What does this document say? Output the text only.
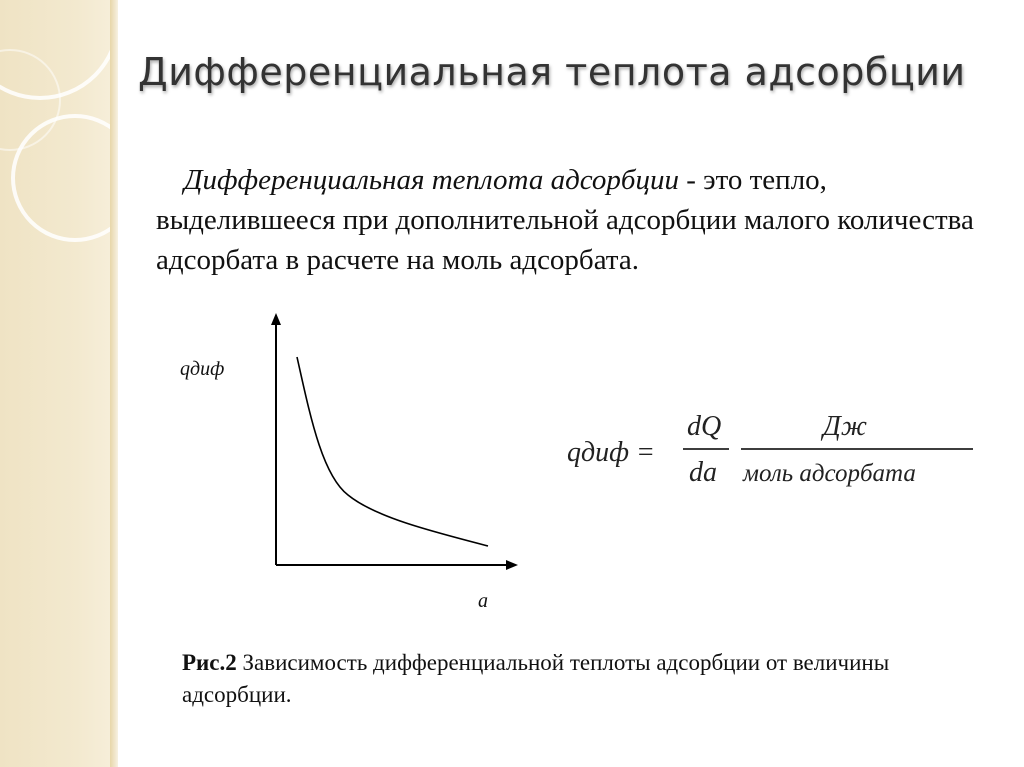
Дифференциальная теплота адсорбции
Дифференциальная теплота адсорбции - это тепло, выделившееся при дополнительной адсорбции малого количества адсорбата в расчете на моль адсорбата.
qдиф
a
qдиф =
dQ
da
Дж
моль адсорбата
Рис.2 Зависимость дифференциальной теплоты адсорбции от величины адсорбции.
